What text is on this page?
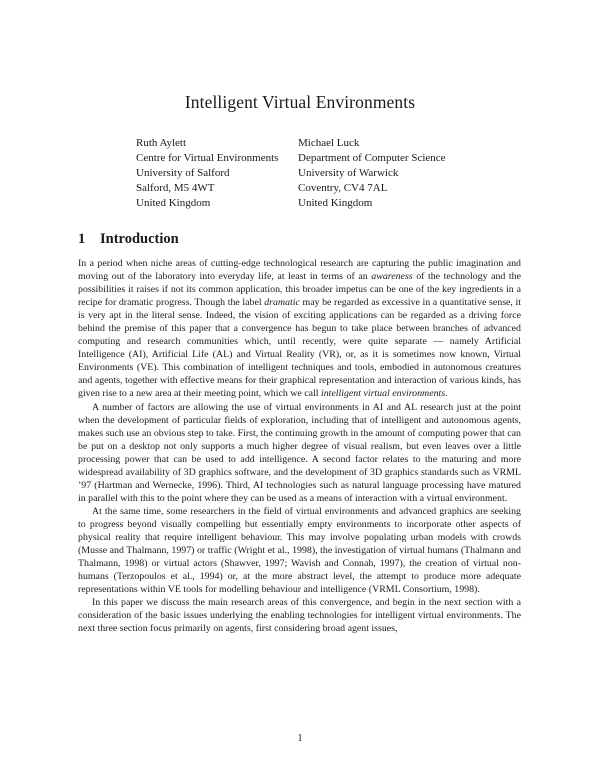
Intelligent Virtual Environments
Ruth Aylett
Centre for Virtual Environments
University of Salford
Salford, M5 4WT
United Kingdom
Michael Luck
Department of Computer Science
University of Warwick
Coventry, CV4 7AL
United Kingdom
1 Introduction

In a period when niche areas of cutting-edge technological research are capturing the public imagination and moving out of the laboratory into everyday life, at least in terms of an awareness of the technology and the possibilities it raises if not its common application, this broader impetus can be one of the key ingredients in a recipe for dramatic progress. Though the label dramatic may be regarded as excessive in a quantitative sense, it is very apt in the literal sense. Indeed, the vision of exciting applications can be regarded as a driving force behind the premise of this paper that a convergence has begun to take place between branches of advanced computing and research communities which, until recently, were quite separate — namely Artificial Intelligence (AI), Artificial Life (AL) and Virtual Reality (VR), or, as it is sometimes now known, Virtual Environments (VE). This combination of intelligent techniques and tools, embodied in autonomous creatures and agents, together with effective means for their graphical representation and interaction of various kinds, has given rise to a new area at their meeting point, which we call intelligent virtual environments.

A number of factors are allowing the use of virtual environments in AI and AL research just at the point when the development of particular fields of exploration, including that of intelligent and autonomous agents, makes such use an obvious step to take. First, the continuing growth in the amount of computing power that can be put on a desktop not only supports a much higher degree of visual realism, but even leaves over a little processing power that can be used to add intelligence. A second factor relates to the maturing and more widespread availability of 3D graphics software, and the development of 3D graphics standards such as VRML ’97 (Hartman and Wernecke, 1996). Third, AI technologies such as natural language processing have matured in parallel with this to the point where they can be used as a means of interaction with a virtual environment.

At the same time, some researchers in the field of virtual environments and advanced graphics are seeking to progress beyond visually compelling but essentially empty environments to incorporate other aspects of physical reality that require intelligent behaviour. This may involve populating urban models with crowds (Musse and Thalmann, 1997) or traffic (Wright et al., 1998), the investigation of virtual humans (Thalmann and Thalmann, 1998) or virtual actors (Shawver, 1997; Wavish and Connah, 1997), the creation of virtual non-humans (Terzopoulos et al., 1994) or, at the more abstract level, the attempt to produce more adequate representations within VE tools for modelling behaviour and intelligence (VRML Consortium, 1998).

In this paper we discuss the main research areas of this convergence, and begin in the next section with a consideration of the basic issues underlying the enabling technologies for intelligent virtual environments. The next three section focus primarily on agents, first considering broad agent issues,

1
